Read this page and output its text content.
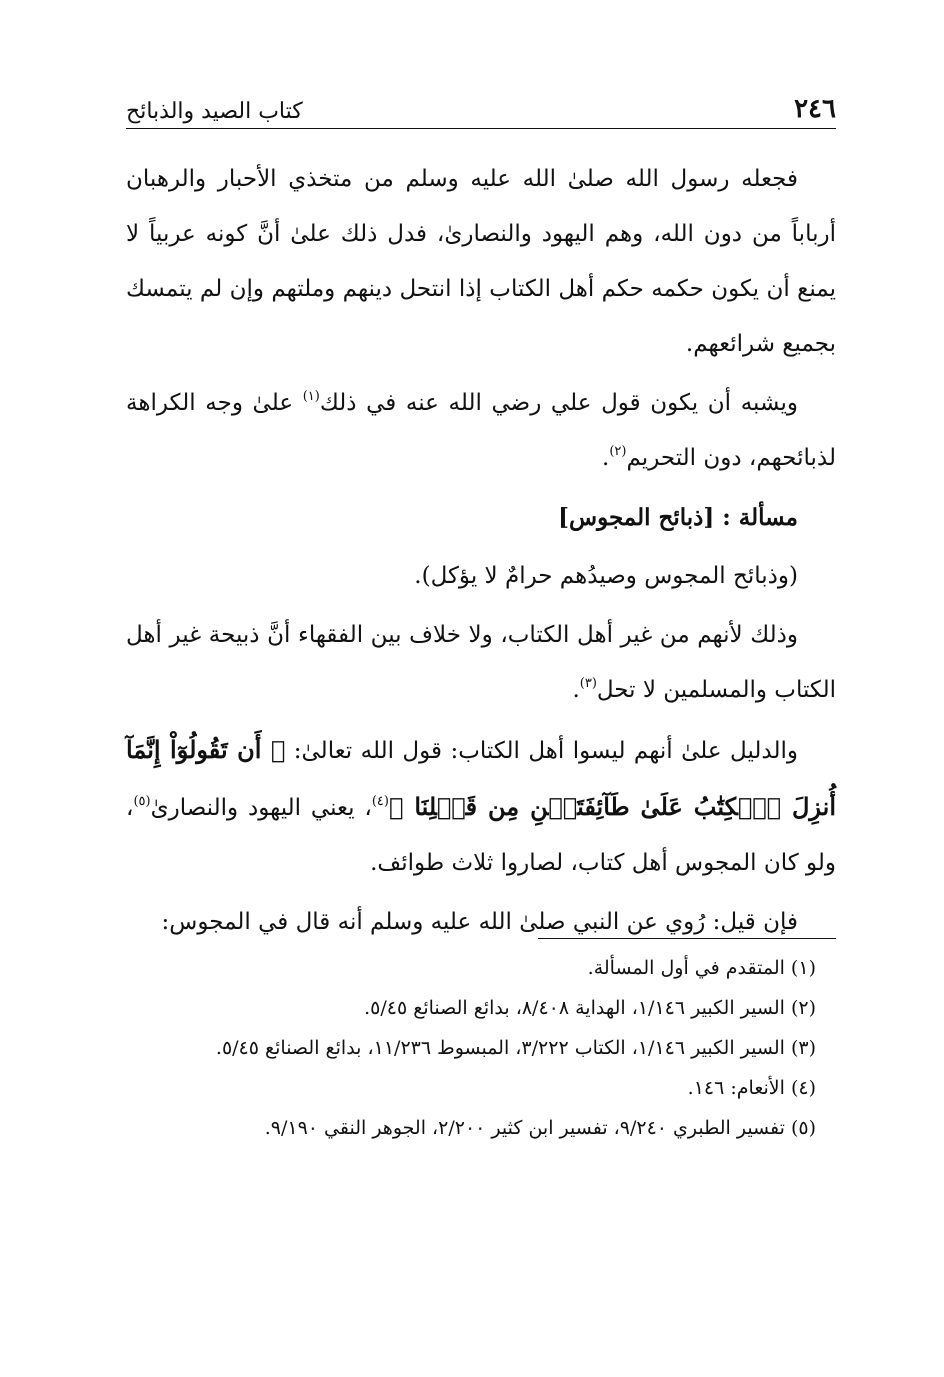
٢٤٦
كتاب الصيد والذبائح

فجعله رسول الله صلىٰ الله عليه وسلم من متخذي الأحبار والرهبان أرباباً من دون الله، وهم اليهود والنصارىٰ، فدل ذلك علىٰ أنَّ كونه عربياً لا يمنع أن يكون حكمه حكم أهل الكتاب إذا انتحل دينهم وملتهم وإن لم يتمسك بجميع شرائعهم.

ويشبه أن يكون قول علي رضي الله عنه في ذلك$^{(١)}$ علىٰ وجه الكراهة لذبائحهم، دون التحريم$^{(٢)}$.

مسألة : [ذبائح المجوس]

(وذبائح المجوس وصيدُهم حرامٌ لا يؤكل).

وذلك لأنهم من غير أهل الكتاب، ولا خلاف بين الفقهاء أنَّ ذبيحة غير أهل الكتاب والمسلمين لا تحل$^{(٣)}$.

والدليل علىٰ أنهم ليسوا أهل الكتاب: قول الله تعالىٰ: ﴿ أَن تَقُولُوٓاْ إِنَّمَآ أُنزِلَ ٱلۡكِتَٰبُ عَلَىٰ طَآئِفَتَيۡنِ مِن قَبۡلِنَا ﴾$^{(٤)}$، يعني اليهود والنصارىٰ$^{(٥)}$، ولو كان المجوس أهل كتاب، لصاروا ثلاث طوائف.

فإن قيل: رُوي عن النبي صلىٰ الله عليه وسلم أنه قال في المجوس:

(١) المتقدم في أول المسألة.
(٢) السير الكبير ١/١٤٦، الهداية ٨/٤٠٨، بدائع الصنائع ٥/٤٥.
(٣) السير الكبير ١/١٤٦، الكتاب ٣/٢٢٢، المبسوط ١١/٢٣٦، بدائع الصنائع ٥/٤٥.
(٤) الأنعام: ١٤٦.
(٥) تفسير الطبري ٩/٢٤٠، تفسير ابن كثير ٢/٢٠٠، الجوهر النقي ٩/١٩٠.
